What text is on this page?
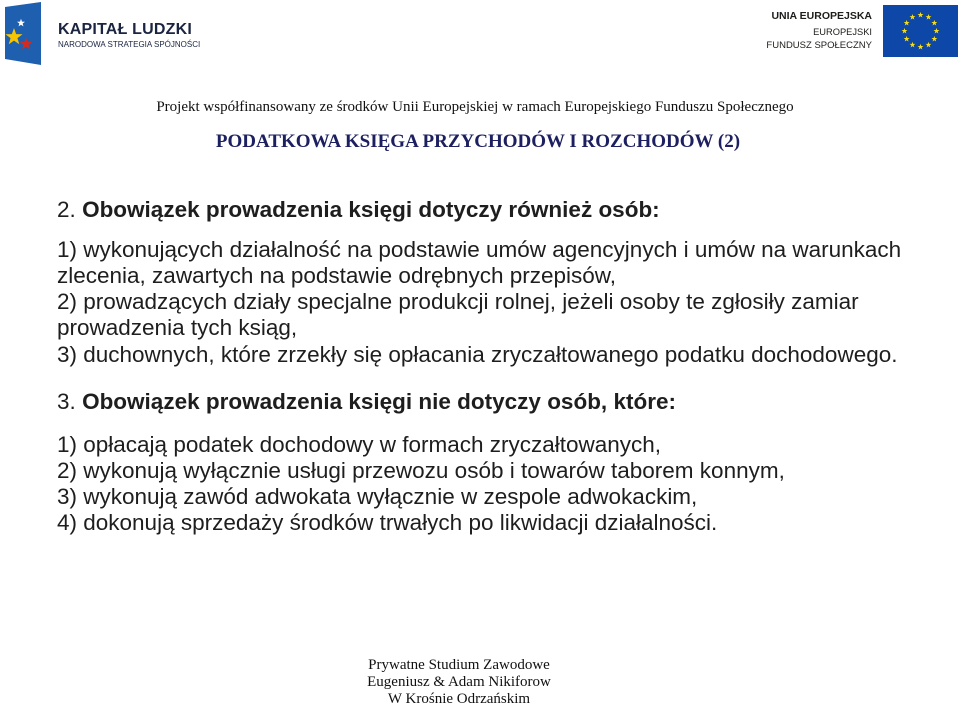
KAPITAŁ LUDZKI
NARODOWA STRATEGIA SPÓJNOŚCI
UNIA EUROPEJSKA
EUROPEJSKI
FUNDUSZ SPOŁECZNY
Projekt współfinansowany ze środków Unii Europejskiej w ramach Europejskiego Funduszu Społecznego
PODATKOWA KSIĘGA PRZYCHODÓW I ROZCHODÓW (2)
2. Obowiązek prowadzenia księgi dotyczy również osób:
1) wykonujących działalność na podstawie umów agencyjnych i umów na warunkach
zlecenia, zawartych na podstawie odrębnych przepisów,
2) prowadzących działy specjalne produkcji rolnej, jeżeli osoby te zgłosiły zamiar
prowadzenia tych ksiąg,
3) duchownych, które zrzekły się opłacania zryczałtowanego podatku dochodowego.
3. Obowiązek prowadzenia księgi nie dotyczy osób, które:
1) opłacają podatek dochodowy w formach zryczałtowanych,
2) wykonują wyłącznie usługi przewozu osób i towarów taborem konnym,
3) wykonują zawód adwokata wyłącznie w zespole adwokackim,
4) dokonują sprzedaży środków trwałych po likwidacji działalności.
Prywatne Studium Zawodowe
Eugeniusz & Adam Nikiforow
W Krośnie Odrzańskim
